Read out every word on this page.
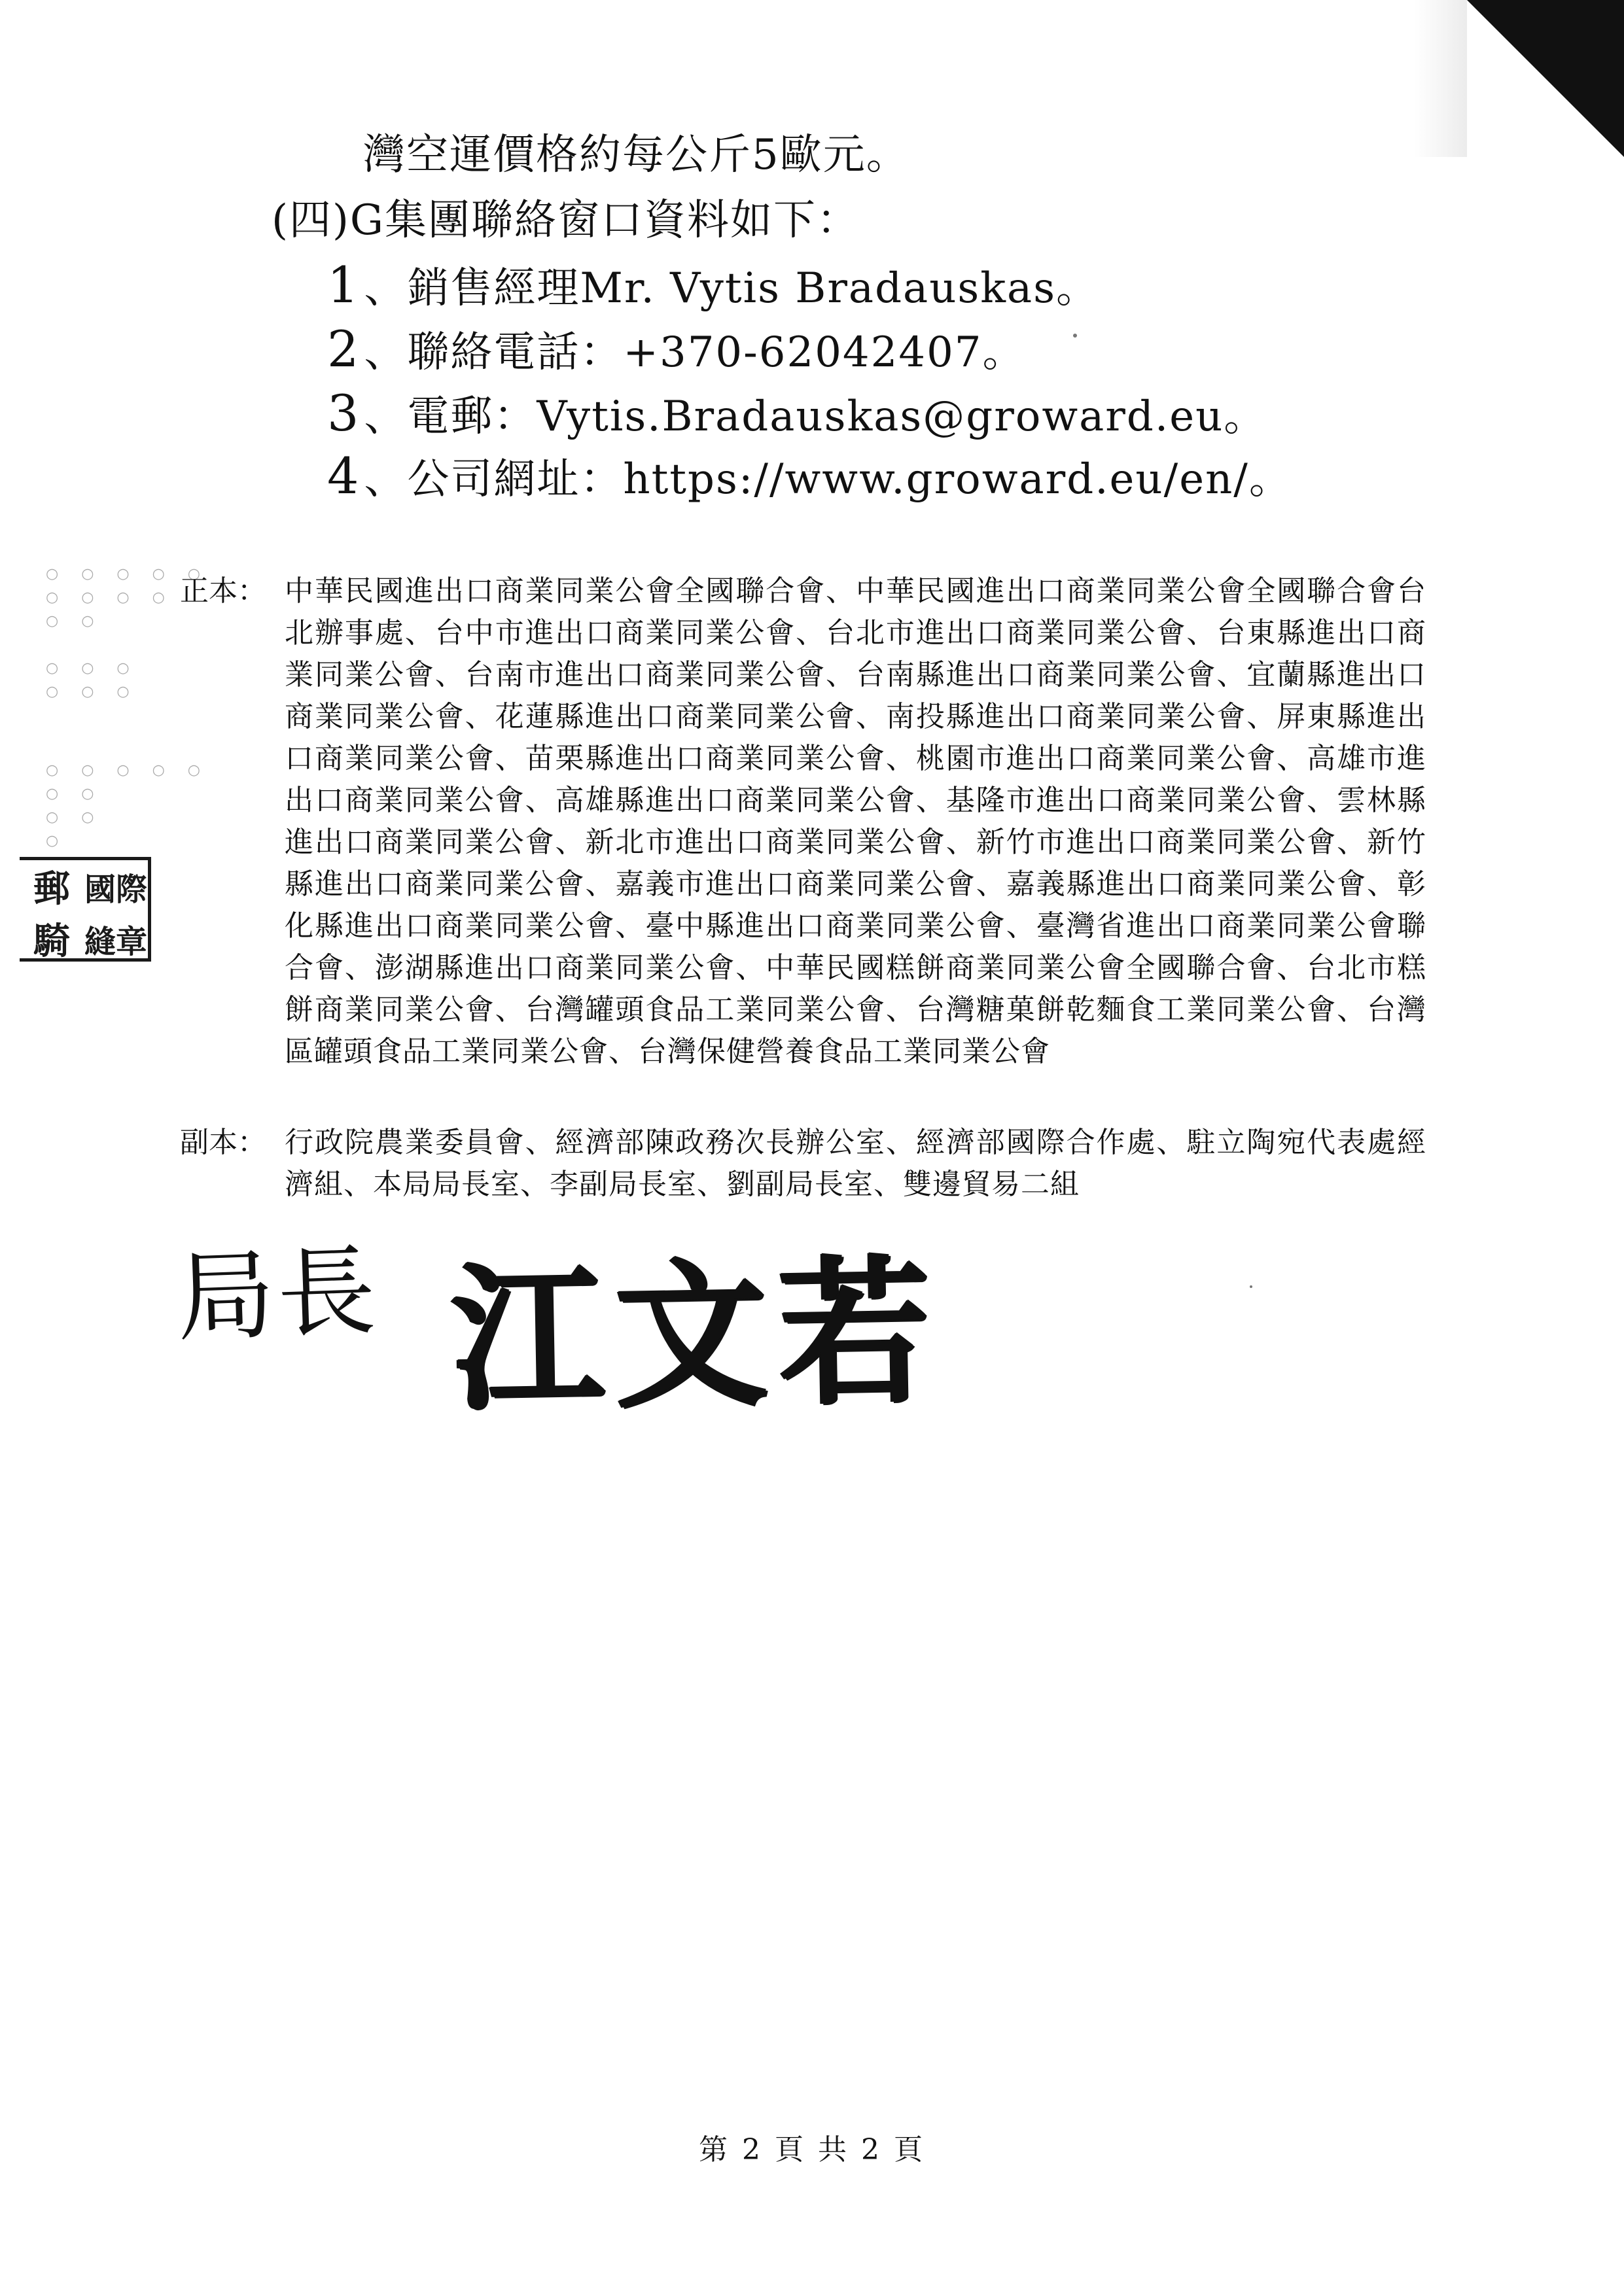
灣空運價格約每公斤5歐元。
(四)G集團聯絡窗口資料如下：
1、銷售經理Mr. Vytis Bradauskas。
2、聯絡電話：+370-62042407。
3、電郵：Vytis.Bradauskas@groward.eu。
4、公司網址：https://www.groward.eu/en/。
○ ○ ○ ○ ○
○ ○ ○ ○
○ ○

○ ○ ○
○ ○ ○
○ ○ ○ ○ ○
○ ○
○ ○
○
正本： 中華民國進出口商業同業公會全國聯合會、中華民國進出口商業同業公會全國聯合會台北辦事處、台中市進出口商業同業公會、台北市進出口商業同業公會、台東縣進出口商業同業公會、台南市進出口商業同業公會、台南縣進出口商業同業公會、宜蘭縣進出口商業同業公會、花蓮縣進出口商業同業公會、南投縣進出口商業同業公會、屏東縣進出口商業同業公會、苗栗縣進出口商業同業公會、桃園市進出口商業同業公會、高雄市進出口商業同業公會、高雄縣進出口商業同業公會、基隆市進出口商業同業公會、雲林縣進出口商業同業公會、新北市進出口商業同業公會、新竹市進出口商業同業公會、新竹縣進出口商業同業公會、嘉義市進出口商業同業公會、嘉義縣進出口商業同業公會、彰化縣進出口商業同業公會、臺中縣進出口商業同業公會、臺灣省進出口商業同業公會聯合會、澎湖縣進出口商業同業公會、中華民國糕餅商業同業公會全國聯合會、台北市糕餅商業同業公會、台灣罐頭食品工業同業公會、台灣糖菓餅乾麵食工業同業公會、台灣區罐頭食品工業同業公會、台灣保健營養食品工業同業公會
副本： 行政院農業委員會、經濟部陳政務次長辦公室、經濟部國際合作處、駐立陶宛代表處經濟組、本局局長室、李副局長室、劉副局長室、雙邊貿易二組
郵 國際
騎 縫章
局長 江文若
第 2 頁 共 2 頁
